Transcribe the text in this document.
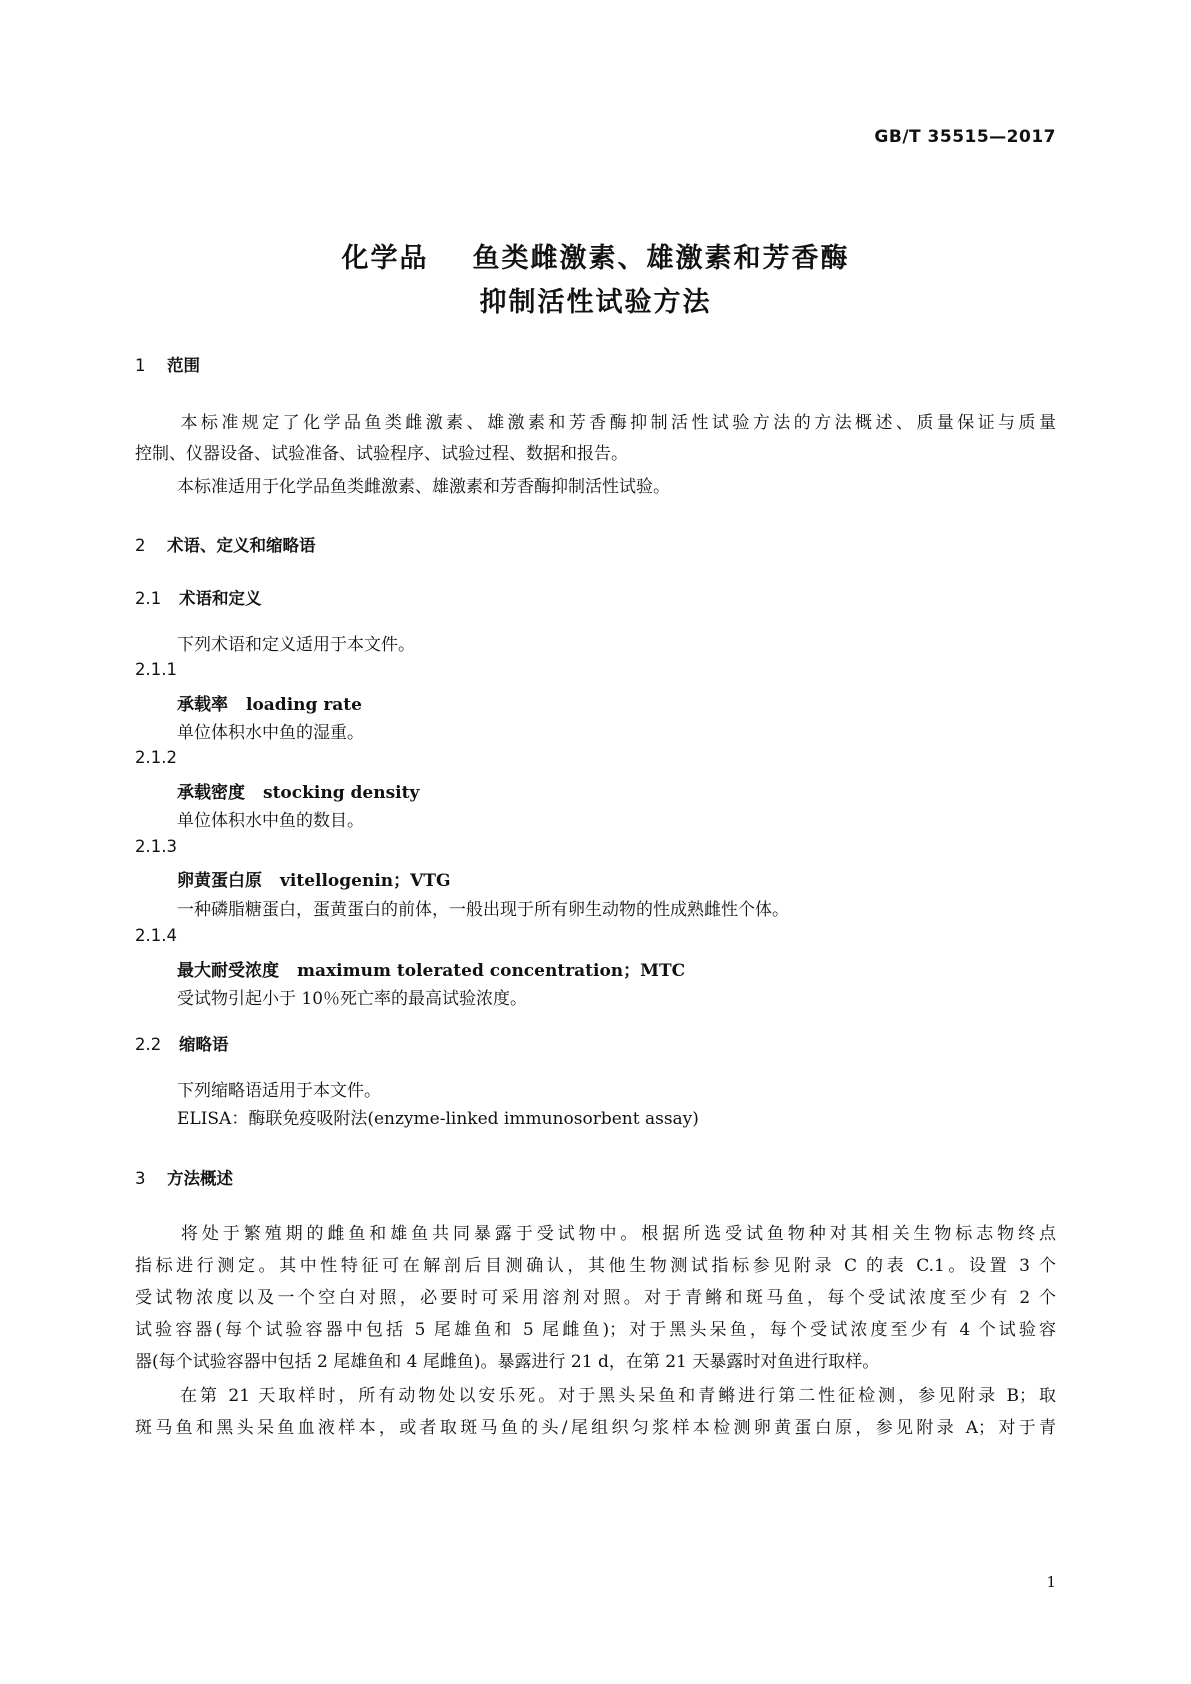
GB/T 35515—2017
化学品 鱼类雌激素、雄激素和芳香酶
抑制活性试验方法
1 范围
本标准规定了化学品鱼类雌激素、雄激素和芳香酶抑制活性试验方法的方法概述、质量保证与质量
控制、仪器设备、试验准备、试验程序、试验过程、数据和报告。
本标准适用于化学品鱼类雌激素、雄激素和芳香酶抑制活性试验。
2 术语、定义和缩略语
2.1 术语和定义
下列术语和定义适用于本文件。
2.1.1
承载率 loading rate
单位体积水中鱼的湿重。
2.1.2
承载密度 stocking density
单位体积水中鱼的数目。
2.1.3
卵黄蛋白原 vitellogenin；VTG
一种磷脂糖蛋白，蛋黄蛋白的前体，一般出现于所有卵生动物的性成熟雌性个体。
2.1.4
最大耐受浓度 maximum tolerated concentration；MTC
受试物引起小于 10％死亡率的最高试验浓度。
2.2 缩略语
下列缩略语适用于本文件。
ELISA：酶联免疫吸附法(enzyme-linked immunosorbent assay)
3 方法概述
将处于繁殖期的雌鱼和雄鱼共同暴露于受试物中。根据所选受试鱼物种对其相关生物标志物终点
指标进行测定。其中性特征可在解剖后目测确认，其他生物测试指标参见附录 C 的表 C.1。设置 3 个
受试物浓度以及一个空白对照，必要时可采用溶剂对照。对于青鳉和斑马鱼，每个受试浓度至少有 2 个
试验容器(每个试验容器中包括 5 尾雄鱼和 5 尾雌鱼)；对于黑头呆鱼，每个受试浓度至少有 4 个试验容
器(每个试验容器中包括 2 尾雄鱼和 4 尾雌鱼)。暴露进行 21 d，在第 21 天暴露时对鱼进行取样。
在第 21 天取样时，所有动物处以安乐死。对于黑头呆鱼和青鳉进行第二性征检测，参见附录 B；取
斑马鱼和黑头呆鱼血液样本，或者取斑马鱼的头/尾组织匀浆样本检测卵黄蛋白原，参见附录 A；对于青
1
